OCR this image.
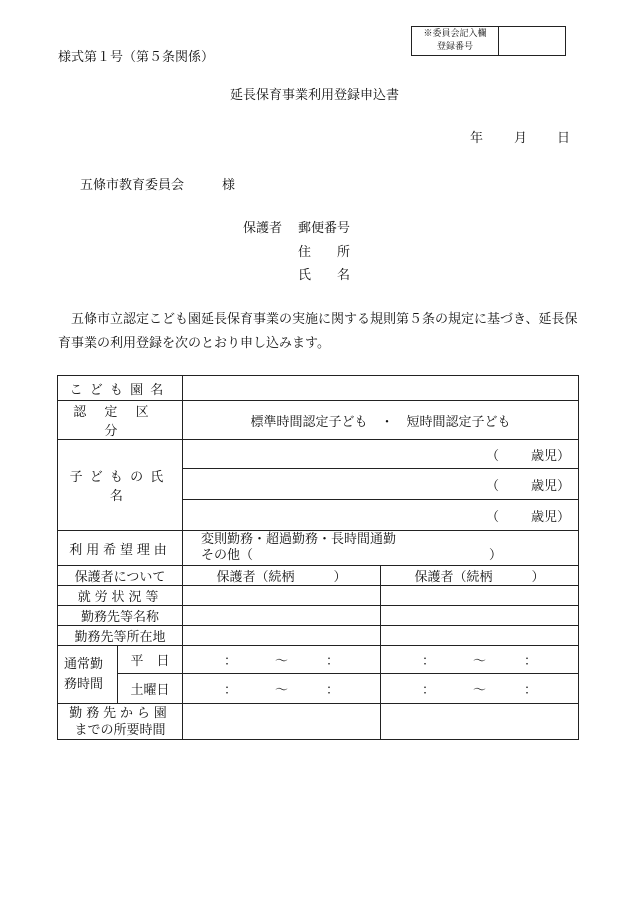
※委員会記入欄
登録番号
様式第１号（第５条関係）
延長保育事業利用登録申込書
年 月 日
五條市教育委員会	様
保護者 郵便番号
住　　所
氏　　名
五條市立認定こども園延長保育事業の実施に関する規則第５条の規定に基づき、延長保育事業の利用登録を次のとおり申し込みます。
こども園名			
認定区分		標準時間認定子ども　・　短時間認定子ども	
子どもの氏名		（ 歳児）	
		（ 歳児）	
		（ 歳児）	
利用希望理由		変則勤務・超過勤務・長時間通勤
その他（ ）	

保護者について		保護者（続柄　　　）	保護者（続柄　　　）
就労状況等			
勤務先等名称			
勤務先等所在地			
通常勤務時間	平　日	： 〜 ：	： 〜 ：
	土曜日	： 〜 ：	： 〜 ：

勤務先から園
までの所要時間			
